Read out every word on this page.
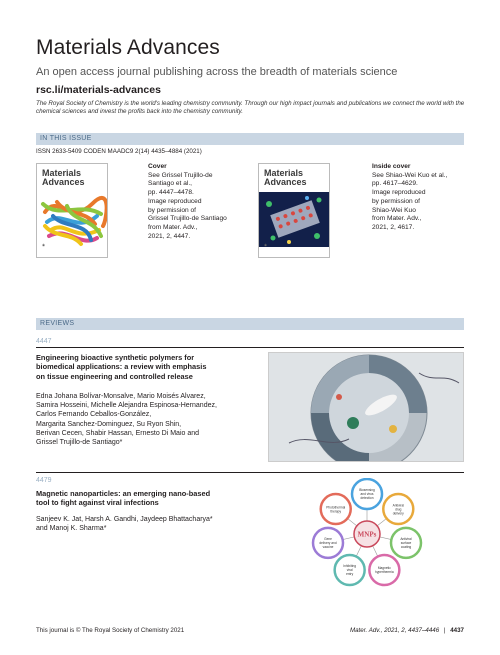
Materials Advances
An open access journal publishing across the breadth of materials science
rsc.li/materials-advances
The Royal Society of Chemistry is the world's leading chemistry community. Through our high impact journals and publications we connect the world with the chemical sciences and invest the profits back into the chemistry community.
IN THIS ISSUE
ISSN 2633-5409 CODEN MAADC9 2(14) 4435–4884 (2021)
Materials
Advances
◉
Cover
See Grissel Trujillo-de
Santiago et al.,
pp. 4447–4478.
Image reproduced
by permission of
Grissel Trujillo-de Santiago
from Mater. Adv.,
2021, 2, 4447.
Materials
Advances
◉
Inside cover
See Shiao-Wei Kuo et al.,
pp. 4617–4629.
Image reproduced
by permission of
Shiao-Wei Kuo
from Mater. Adv.,
2021, 2, 4617.
REVIEWS
4447
Engineering bioactive synthetic polymers for
biomedical applications: a review with emphasis
on tissue engineering and controlled release
Edna Johana Bolívar-Monsalve, Mario Moisés Alvarez,
Samira Hosseini, Michelle Alejandra Espinosa-Hernandez,
Carlos Fernando Ceballos-González,
Margarita Sanchez-Dominguez, Su Ryon Shin,
Berivan Cecen, Shabir Hassan, Ernesto Di Maio and
Grissel Trujillo-de Santiago*
4479
Magnetic nanoparticles: an emerging nano-based
tool to fight against viral infections
Sanjeev K. Jat, Harsh A. Gandhi, Jaydeep Bhattacharya*
and Manoj K. Sharma*
Biosensing
and virus
detection
Antiviral
drug
delivery
Antiviral
surface
coating
Magnetic
hyperthermia
Inhibiting
viral
entry
Gene
delivery and
vaccine
Photothermal
therapy
MNPs
This journal is © The Royal Society of Chemistry 2021	Mater. Adv., 2021, 2, 4437–4446 | 4437
